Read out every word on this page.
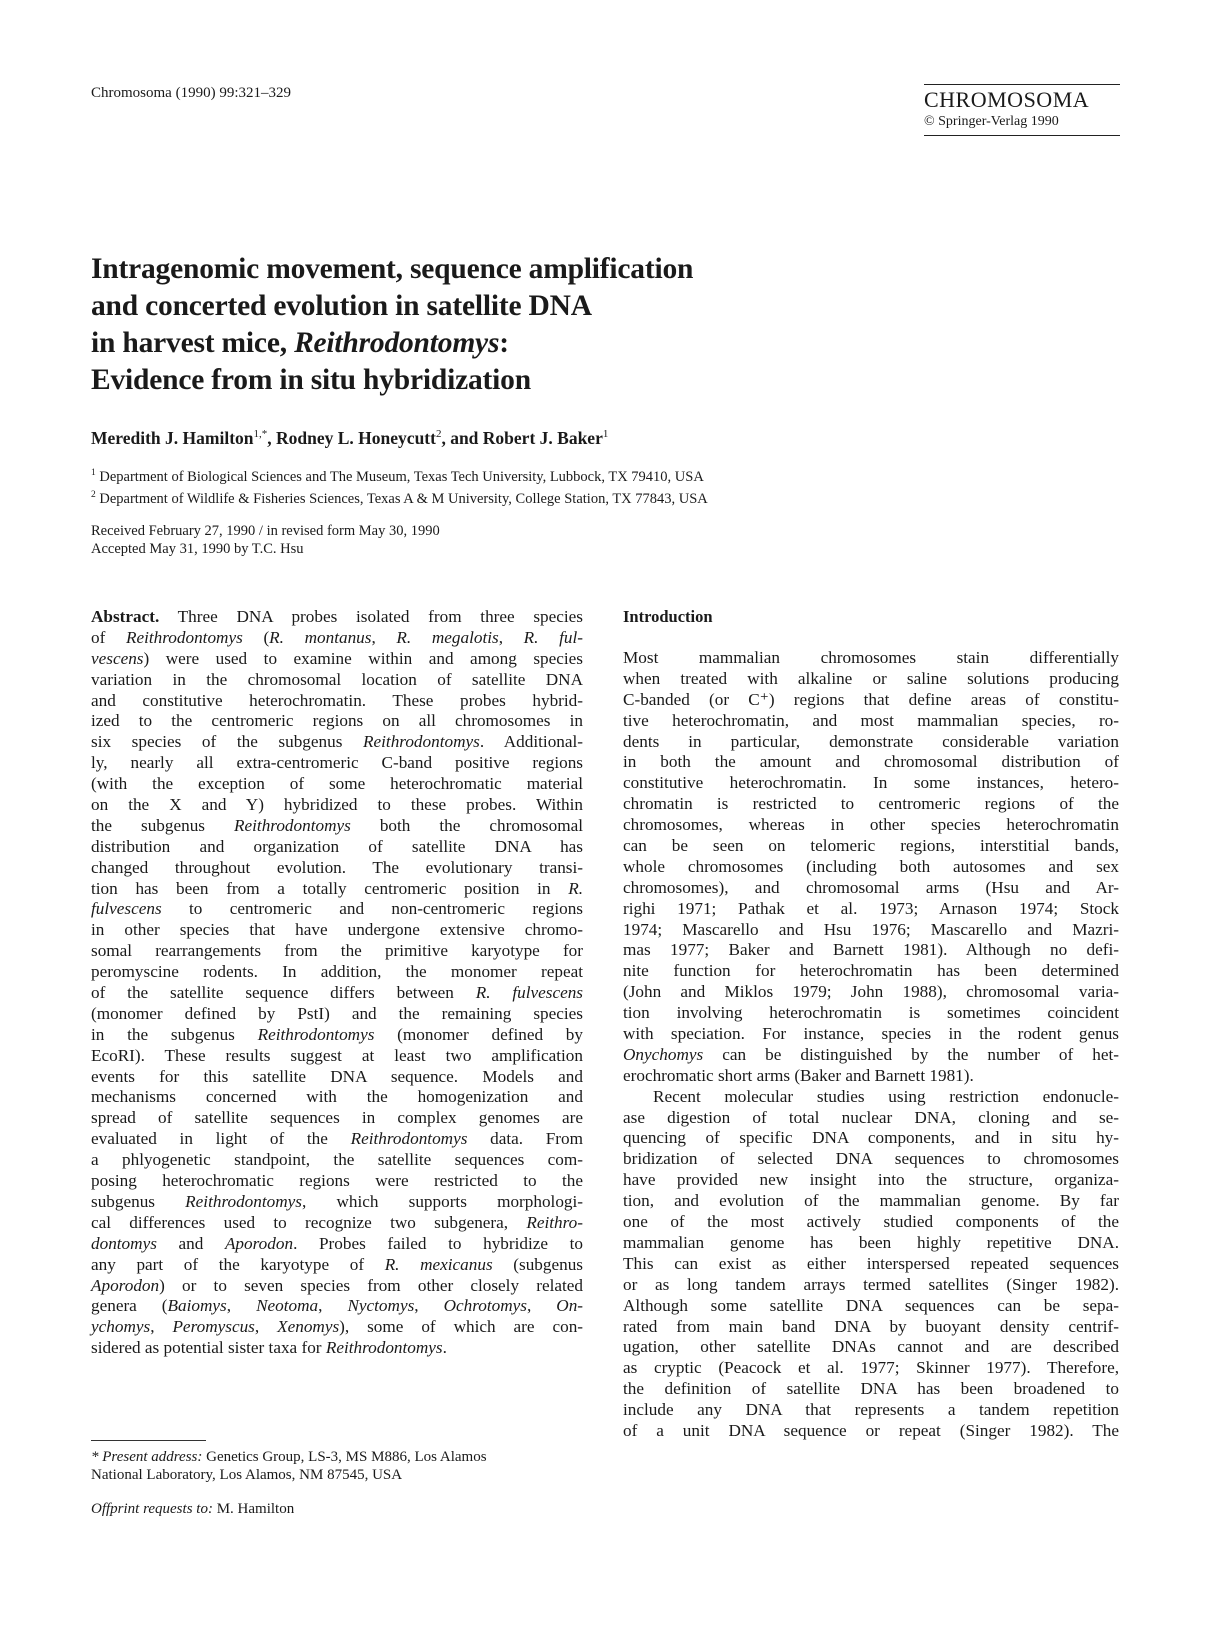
Chromosoma (1990) 99:321–329	CHROMOSOMA
© Springer-Verlag 1990
Intragenomic movement, sequence amplification
and concerted evolution in satellite DNA
in harvest mice, Reithrodontomys:
Evidence from in situ hybridization
Meredith J. Hamilton$^{1,*}$, Rodney L. Honeycutt$^2$, and Robert J. Baker$^1$
$^1$ Department of Biological Sciences and The Museum, Texas Tech University, Lubbock, TX 79410, USA
$^2$ Department of Wildlife & Fisheries Sciences, Texas A & M University, College Station, TX 77843, USA
Received February 27, 1990 / in revised form May 30, 1990
Accepted May 31, 1990 by T.C. Hsu
Abstract. Three DNA probes isolated from three species
of Reithrodontomys (R. montanus, R. megalotis, R. ful-
vescens) were used to examine within and among species
variation in the chromosomal location of satellite DNA
and constitutive heterochromatin. These probes hybrid-
ized to the centromeric regions on all chromosomes in
six species of the subgenus Reithrodontomys. Additional-
ly, nearly all extra-centromeric C-band positive regions
(with the exception of some heterochromatic material
on the X and Y) hybridized to these probes. Within
the subgenus Reithrodontomys both the chromosomal
distribution and organization of satellite DNA has
changed throughout evolution. The evolutionary transi-
tion has been from a totally centromeric position in R.
fulvescens to centromeric and non-centromeric regions
in other species that have undergone extensive chromo-
somal rearrangements from the primitive karyotype for
peromyscine rodents. In addition, the monomer repeat
of the satellite sequence differs between R. fulvescens
(monomer defined by PstI) and the remaining species
in the subgenus Reithrodontomys (monomer defined by
EcoRI). These results suggest at least two amplification
events for this satellite DNA sequence. Models and
mechanisms concerned with the homogenization and
spread of satellite sequences in complex genomes are
evaluated in light of the Reithrodontomys data. From
a phlyogenetic standpoint, the satellite sequences com-
posing heterochromatic regions were restricted to the
subgenus Reithrodontomys, which supports morphologi-
cal differences used to recognize two subgenera, Reithro-
dontomys and Aporodon. Probes failed to hybridize to
any part of the karyotype of R. mexicanus (subgenus
Aporodon) or to seven species from other closely related
genera (Baiomys, Neotoma, Nyctomys, Ochrotomys, On-
ychomys, Peromyscus, Xenomys), some of which are con-
sidered as potential sister taxa for Reithrodontomys.
Introduction
Most mammalian chromosomes stain differentially
when treated with alkaline or saline solutions producing
C-banded (or C⁺) regions that define areas of constitu-
tive heterochromatin, and most mammalian species, ro-
dents in particular, demonstrate considerable variation
in both the amount and chromosomal distribution of
constitutive heterochromatin. In some instances, hetero-
chromatin is restricted to centromeric regions of the
chromosomes, whereas in other species heterochromatin
can be seen on telomeric regions, interstitial bands,
whole chromosomes (including both autosomes and sex
chromosomes), and chromosomal arms (Hsu and Ar-
righi 1971; Pathak et al. 1973; Arnason 1974; Stock
1974; Mascarello and Hsu 1976; Mascarello and Mazri-
mas 1977; Baker and Barnett 1981). Although no defi-
nite function for heterochromatin has been determined
(John and Miklos 1979; John 1988), chromosomal varia-
tion involving heterochromatin is sometimes coincident
with speciation. For instance, species in the rodent genus
Onychomys can be distinguished by the number of het-
erochromatic short arms (Baker and Barnett 1981).
Recent molecular studies using restriction endonucle-
ase digestion of total nuclear DNA, cloning and se-
quencing of specific DNA components, and in situ hy-
bridization of selected DNA sequences to chromosomes
have provided new insight into the structure, organiza-
tion, and evolution of the mammalian genome. By far
one of the most actively studied components of the
mammalian genome has been highly repetitive DNA.
This can exist as either interspersed repeated sequences
or as long tandem arrays termed satellites (Singer 1982).
Although some satellite DNA sequences can be sepa-
rated from main band DNA by buoyant density centrif-
ugation, other satellite DNAs cannot and are described
as cryptic (Peacock et al. 1977; Skinner 1977). Therefore,
the definition of satellite DNA has been broadened to
include any DNA that represents a tandem repetition
of a unit DNA sequence or repeat (Singer 1982). The
* Present address: Genetics Group, LS-3, MS M886, Los Alamos
National Laboratory, Los Alamos, NM 87545, USA
Offprint requests to: M. Hamilton
